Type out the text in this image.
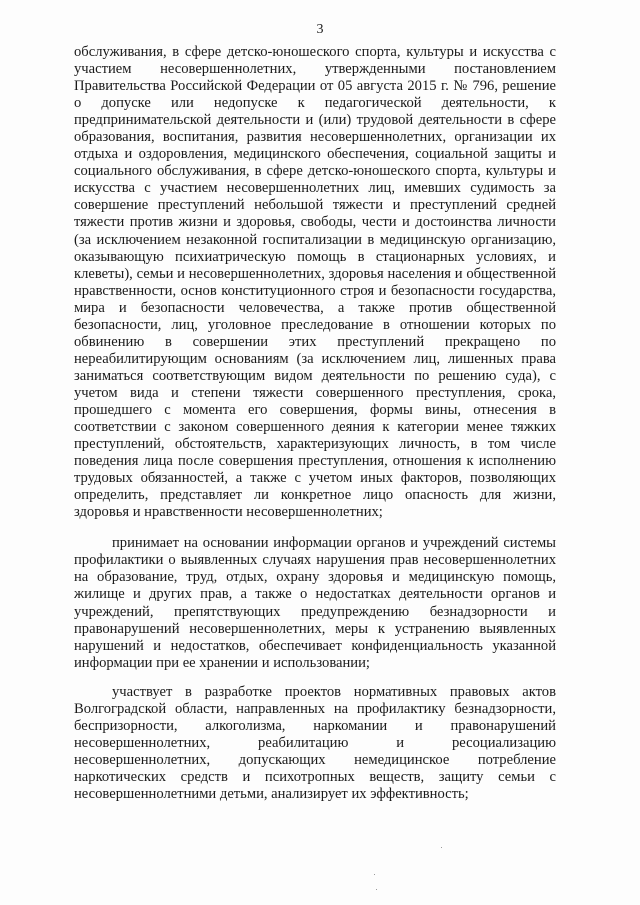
3

обслуживания, в сфере детско-юношеского спорта, культуры и искусства с участием несовершеннолетних, утвержденными постановлением Правительства Российской Федерации от 05 августа 2015 г. № 796, решение о допуске или недопуске к педагогической деятельности, к предпринимательской деятельности и (или) трудовой деятельности в сфере образования, воспитания, развития несовершеннолетних, организации их отдыха и оздоровления, медицинского обеспечения, социальной защиты и социального обслуживания, в сфере детско-юношеского спорта, культуры и искусства с участием несовершеннолетних лиц, имевших судимость за совершение преступлений небольшой тяжести и преступлений средней тяжести против жизни и здоровья, свободы, чести и достоинства личности (за исключением незаконной госпитализации в медицинскую организацию, оказывающую психиатрическую помощь в стационарных условиях, и клеветы), семьи и несовершеннолетних, здоровья населения и общественной нравственности, основ конституционного строя и безопасности государства, мира и безопасности человечества, а также против общественной безопасности, лиц, уголовное преследование в отношении которых по обвинению в совершении этих преступлений прекращено по нереабилитирующим основаниям (за исключением лиц, лишенных права заниматься соответствующим видом деятельности по решению суда), с учетом вида и степени тяжести совершенного преступления, срока, прошедшего с момента его совершения, формы вины, отнесения в соответствии с законом совершенного деяния к категории менее тяжких преступлений, обстоятельств, характеризующих личность, в том числе поведения лица после совершения преступления, отношения к исполнению трудовых обязанностей, а также с учетом иных факторов, позволяющих определить, представляет ли конкретное лицо опасность для жизни, здоровья и нравственности несовершеннолетних;

принимает на основании информации органов и учреждений системы профилактики о выявленных случаях нарушения прав несовершеннолетних на образование, труд, отдых, охрану здоровья и медицинскую помощь, жилище и других прав, а также о недостатках деятельности органов и учреждений, препятствующих предупреждению безнадзорности и правонарушений несовершеннолетних, меры к устранению выявленных нарушений и недостатков, обеспечивает конфиденциальность указанной информации при ее хранении и использовании;

участвует в разработке проектов нормативных правовых актов Волгоградской области, направленных на профилактику безнадзорности, беспризорности, алкоголизма, наркомании и правонарушений несовершеннолетних, реабилитацию и ресоциализацию несовершеннолетних, допускающих немедицинское потребление наркотических средств и психотропных веществ, защиту семьи с несовершеннолетними детьми, анализирует их эффективность;
